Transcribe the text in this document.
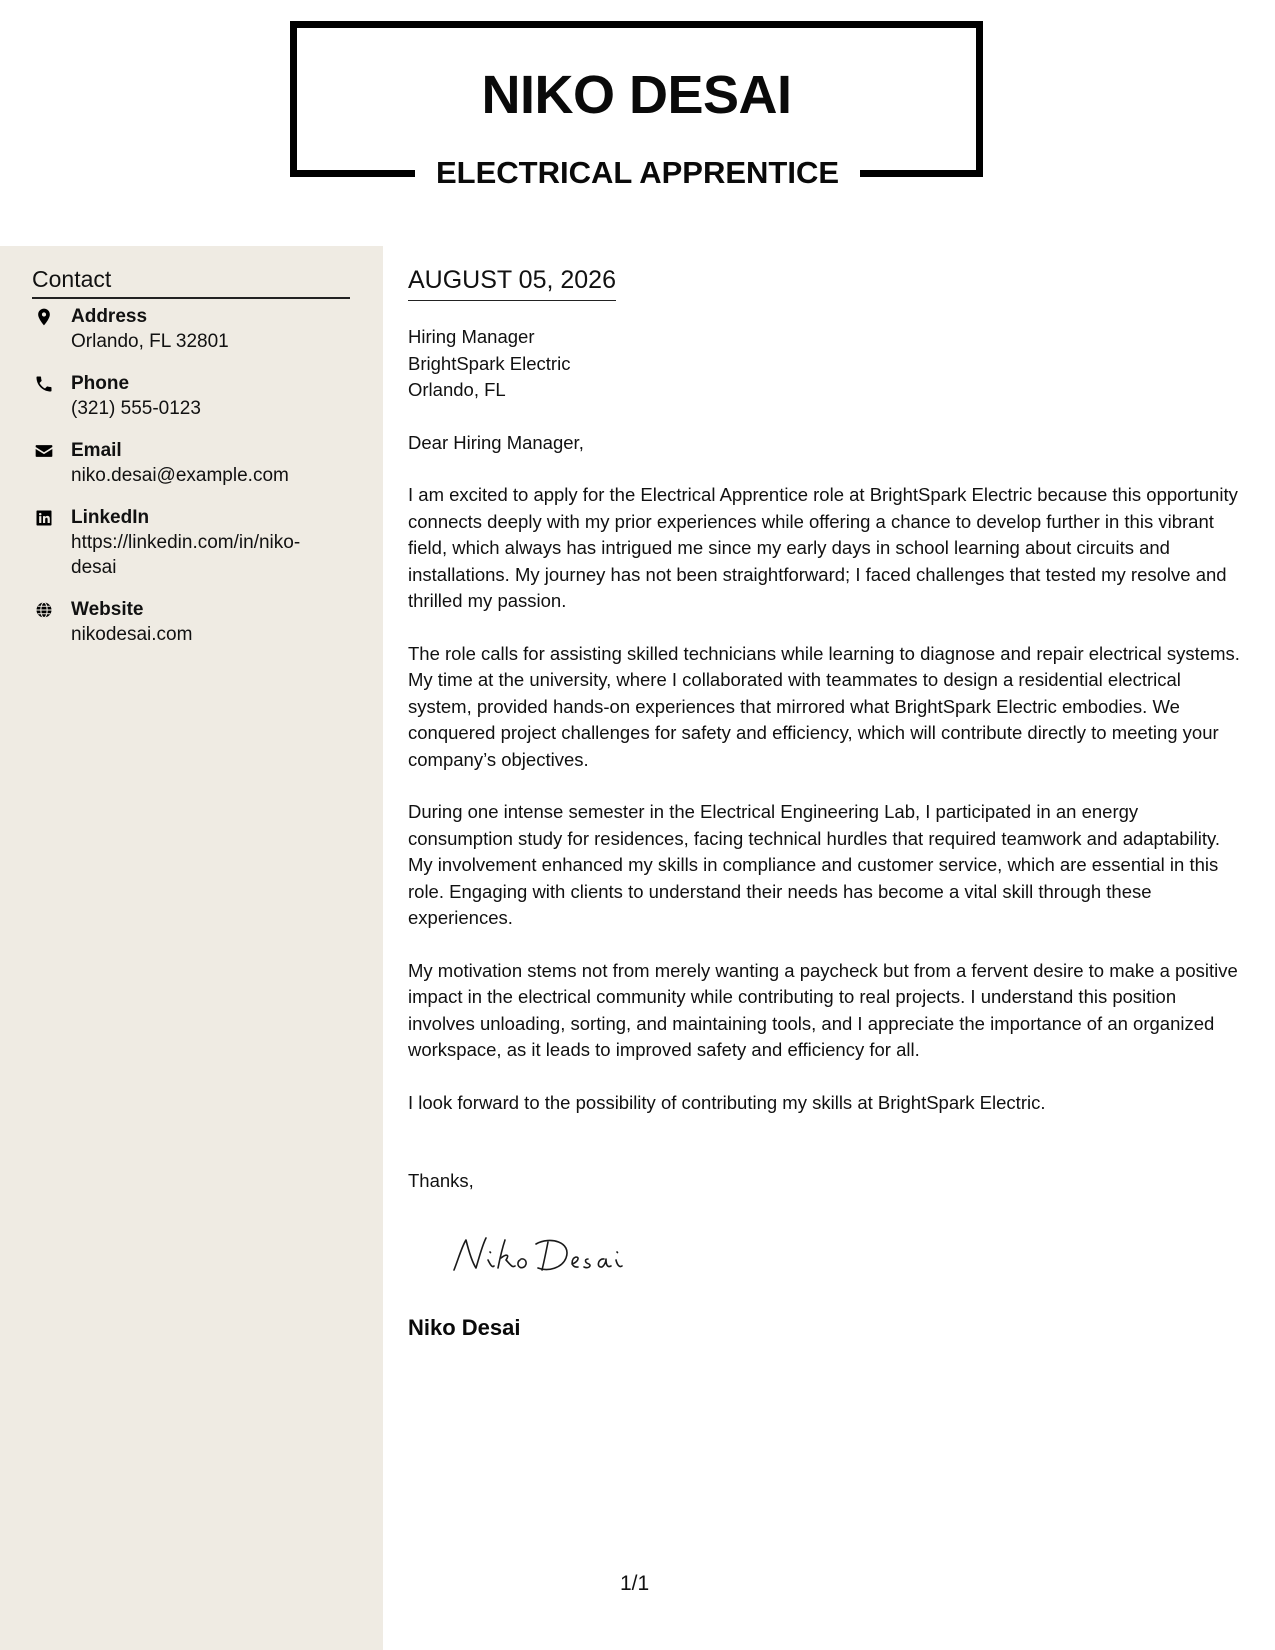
NIKO DESAI
ELECTRICAL APPRENTICE
Contact
Address
Orlando, FL 32801
Phone
(321) 555-0123
Email
niko.desai@example.com
LinkedIn
https://linkedin.com/in/niko-desai
Website
nikodesai.com
AUGUST 05, 2026
Hiring Manager
BrightSpark Electric
Orlando, FL
Dear Hiring Manager,

I am excited to apply for the Electrical Apprentice role at BrightSpark Electric because this opportunity connects deeply with my prior experiences while offering a chance to develop further in this vibrant field, which always has intrigued me since my early days in school learning about circuits and installations. My journey has not been straightforward; I faced challenges that tested my resolve and thrilled my passion.

The role calls for assisting skilled technicians while learning to diagnose and repair electrical systems. My time at the university, where I collaborated with teammates to design a residential electrical system, provided hands-on experiences that mirrored what BrightSpark Electric embodies. We conquered project challenges for safety and efficiency, which will contribute directly to meeting your company’s objectives.

During one intense semester in the Electrical Engineering Lab, I participated in an energy consumption study for residences, facing technical hurdles that required teamwork and adaptability. My involvement enhanced my skills in compliance and customer service, which are essential in this role. Engaging with clients to understand their needs has become a vital skill through these experiences.

My motivation stems not from merely wanting a paycheck but from a fervent desire to make a positive impact in the electrical community while contributing to real projects. I understand this position involves unloading, sorting, and maintaining tools, and I appreciate the importance of an organized workspace, as it leads to improved safety and efficiency for all.

I look forward to the possibility of contributing my skills at BrightSpark Electric.

Thanks,
Niko Desai
1/1
